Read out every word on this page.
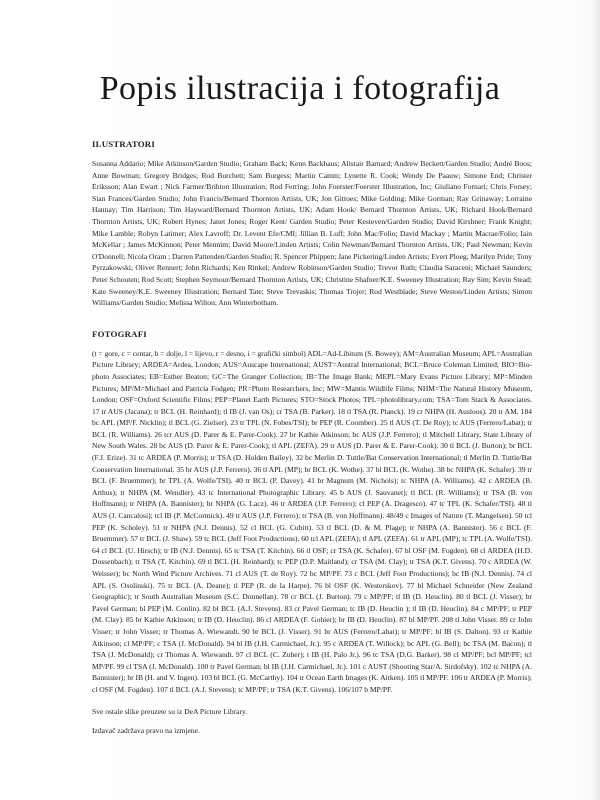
Popis ilustracija i fotografija
ILUSTRATORI

Susanna Addario; Mike Atkinson/Garden Studio; Graham Back; Kenn Backhaus; Alistair Barnard; Andrew Beckett/Garden Studio; André Boos; Anne Bowman; Gregory Bridges; Rod Burchett; Sam Burgess; Martin Camm; Lynette R. Cook; Wendy De Paauw; Simone End; Christer Eriksson; Alan Ewart ; Nick Farmer/Brihton Illustration; Rod Ferring; John Foerster/Foerster Illustration, Inc; Giuliano Fornari; Chris Forsey; Sian Frances/Garden Studio; John Francis/Bernard Thornton Artists, UK; Jon Gittoes; Mike Golding; Mike Gorman; Ray Grinaway; Lorraine Hannay; Tim Harrison; Tim Hayward/Bernard Thornton Artists, UK; Adam Hook/ Bernard Thornton Artists, UK; Richard Hook/Bernard Thornton Artists, UK; Robert Hynes; Janet Jones; Roger Kent/ Garden Studio; Peter Kesteven/Garden Studio; David Kirshner; Frank Knight; Mike Lamble; Robyn Latimer; Alex Lavroff; Dr. Levent Efe/CMI; Jillian B. Luff; John Mac/Folio; David Mackay ; Martin Macrae/Folio; Iain McKellar ; James McKinnon; Peter Mennim; David Moore/Linden Artists; Colin Newman/Bernard Thornton Artists, UK; Paul Newman; Kevin O'Donnell; Nicola Oram ; Darren Pattenden/Garden Studio; R. Spencer Phippen; Jane Pickering/Linden Artists; Evert Ploeg; Marilyn Pride; Tony Pyrzakowski; Oliver Rennert; John Richards; Ken Rinkel; Andrew Robinson/Garden Studio; Trevor Ruth; Claudia Saraceni; Michael Saunders; Peter Schouten; Rod Scott; Stephen Seymour/Bernard Thornton Artists, UK; Christine Shafner/K.E. Sweeney Illustration; Ray Sim; Kevin Stead; Kate Sweeney/K.E. Sweeney Illustration; Bernard Tate; Steve Trevaskis; Thomas Trojer; Rod Westblade; Steve Weston/Linden Artists; Simon Williams/Garden Studio; Melissa Wilton; Ann Winterbotham.

FOTOGRAFI

(t = gore, c = centar, b = dolje, l = lijevo, r = desno, i = grafički simbol) ADL=Ad-Libitum (S. Bowey); AM=Australian Museum; APL=Australian Picture Library; ARDEA=Ardea, London; AUS=Auscape International; AUST=Austral International; BCL=Bruce Coleman Limited; BIO=Bio-photo Associates; EB=Esther Beaton; GC=The Granger Collection; IB=The Image Bank; MEPL=Mary Evans Picture Library; MP=Minden Pictures; MP/M=Michael and Patricia Fodgen; PR=Photo Researchers, Inc; MW=Mantis Wildlife Films; NHM=The Natural History Museum, London; OSF=Oxford Scientific Films; PEP=Planet Earth Pictures; STO=Stock Photos; TPL=photolibrary.com; TSA=Tom Stack & Associates. 17 tr AUS (Jacana); tr BCL (H. Reinhard); tl IB (J. van Os); cr TSA (B. Parker). 18 tl TSA (R. Planck). 19 cr NHPA (H. Ausloos). 20 tr AM. 184 bc APL (MP/F. Nicklin); tl BCL (G. Zielser). 23 tr TPL (N. Fobes/TSI); br PEP (R. Coomber). 25 tl AUS (T. De Roy); tc AUS (Ferrero/Labat); tr BCL (R. Williams). 26 tcr AUS (D. Parer & E. Parer-Cook). 27 br Kathie Atkinson; bc AUS (J.P. Ferrero); tl Mitchell Library, State Library of New South Wales. 28 bc AUS (D. Parer & E. Parer-Cook); tl APL (ZEFA). 29 tr AUS (D. Parer & E. Parer-Cook). 30 tl BCL (J. Burton); br BCL (F.J. Erize). 31 tc ARDEA (P. Morris); tr TSA (D. Holden Bailey). 32 bc Merlin D. Tuttle/Bat Conservation International; tl Merlin D. Tuttle/Bat Conservation International. 35 br AUS (J.P. Ferrero). 36 tl APL (MP); br BCL (K. Wothe). 37 bl BCL (K. Wothe). 38 bc NHPA (K. Schafer). 39 tr BCL (F. Bruemmer); br TPL (A. Wolfe/TSI). 40 tr BCL (P. Davey). 41 br Magnum (M. Nichols); tc NHPA (A. Williams). 42 c ARDEA (B. Arthus); tr NHPA (M. Wendler). 43 tc International Photographic Library. 45 b AUS (J. Sauvanet); tl BCL (R. Williams); tr TSA (B. von Hoffmann); tr NHPA (A. Bannister); br NHPA (G. Lacz). 46 tr ARDEA (J.P. Ferrero); cl PEP (A. Dragesco). 47 tc TPL (K. Schafer/TSI). 48 tl AUS (J. Cancalosi); tcl IB (P. McCormick). 49 tr AUS (J.P. Ferrero); tr TSA (B. von Hoffmann). 48/49 c Images of Nature (T. Mangelsen). 50 tcl PEP (K. Scholey). 51 tr NHPA (N.J. Dennis). 52 cl BCL (G. Cubitt). 53 tl BCL (D. & M. Plage); tr NHPA (A. Bannister). 56 c BCL (F. Bruemmer). 57 tr BCL (J. Shaw). 59 tc BCL (Jeff Foot Productions). 60 tcl APL (ZEFA); tl APL (ZEFA). 61 tr APL (MP); tc TPL (A. Wolfe/TSI). 64 cl BCL (U. Hirsch); tr IB (N.J. Dennis). 65 tc TSA (T. Kitchin). 66 tl OSF; cr TSA (K. Schafer). 67 bl OSF (M. Fogden). 68 cl ARDEA (H.D. Dossenbach); tr TSA (T. Kitchin). 69 tl BCL (H. Reinhard); tc PEP (D.P. Maitland); cr TSA (M. Clay); tr TSA (K.T. Givens). 70 c ARDEA (W. Weisser); bc North Wind Picture Archives. 71 cl AUS (T. de Roy). 72 bc MP/PF. 73 c BCL (Jeff Foot Productions); bc IB (N.J. Dennis). 74 cl APL (S. Osolinski). 75 tr BCL (A. Deane); tl PEP (R. de la Harpe). 76 bl OSF (K. Westerskov). 77 bl Michael Schneider (New Zealand Geographic); tr South Australian Museum (S.C. Donnellan). 78 cr BCL (J. Burton). 79 c MP/PF; tl IB (D. Heuclin). 80 tl BCL (J. Visser); br Pavel German; bl PEP (M. Conlin). 82 bl BCL (A.J. Stevens). 83 cr Pavel German; tc IB (D. Heuclin ); tl IB (D. Heuclin). 84 c MP/PF; tr PEP (M. Clay). 85 br Kathie Atkinson; tr IB (D. Heuclin). 86 cl ARDEA (F. Gohier); br IB (D. Heuclin). 87 bl MP/PF. 208 tl John Visser. 89 cr John Visser; tr John Visser; tr Thomas A. Wiewandt. 90 br BCL (J. Visser). 91 br AUS (Ferrero/Labat); tr MP/PF; bl IB (S. Dalton). 93 cr Kathie Atkinson; cl MP/PF; c TSA (J. McDonald). 94 bl IB (J.H. Carmichael, Jr.). 95 c ARDEA (T. Willock); bc APL (G. Bell); bc TSA (M. Bacon); tl TSA (J. McDonald); cr Thomas A. Wiewandt. 97 cl BCL (C. Zuber); t IB (H. Palo Jr.). 96 tc TSA (D.G. Barker). 98 cl MP/PF; bcl MP/PF; tcl MP/PF. 99 cl TSA (J. McDonald). 100 tr Pavel German; bl IB (J.H. Carmichael, Jr.). 101 c AUST (Shooting Star/A. Sirdofsky). 102 tc NHPA (A. Bannister); br IB (H. and V. Ingen). 103 bl BCL (G. McCarthy). 104 tr Ocean Earth Images (K. Aitken). 105 tl MP/PF. 106 tr ARDEA (P. Morris); cl OSF (M. Fogden). 107 tl BCL (A.J. Stevens); tc MP/PF; tr TSA (K.T. Givens). 106/107 b MP/PF.

Sve ostale slike preuzete su iz DeA Picture Library.

Izdavač zadržava pravo na izmjene.
